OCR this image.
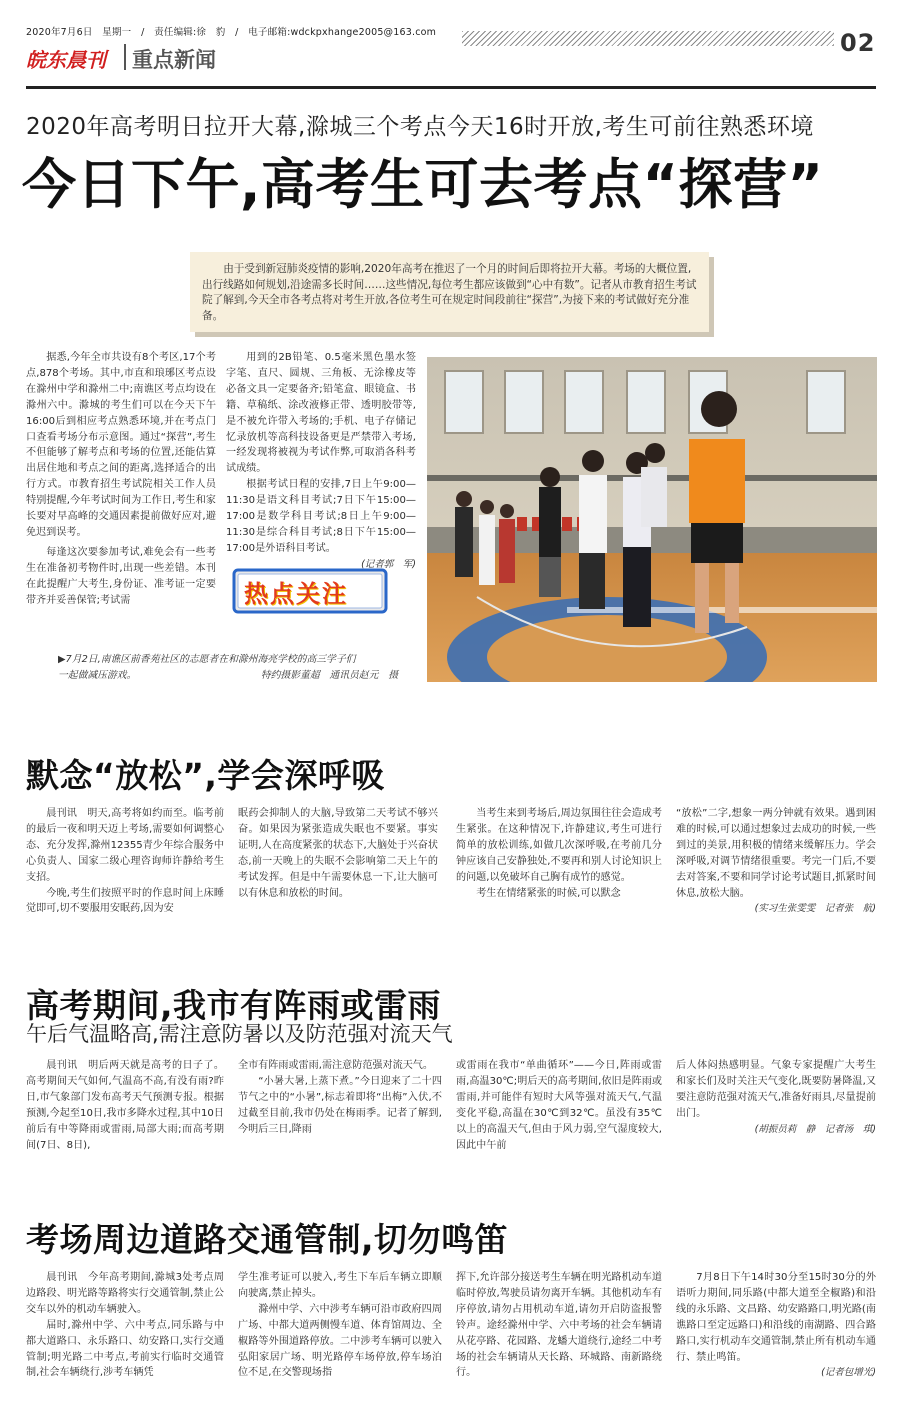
2020年7月6日　星期一　/　责任编辑:徐　豹　/　电子邮箱:wdckpxhange2005@163.com	02
皖东晨刊 重点新闻
2020年高考明日拉开大幕,滁城三个考点今天16时开放,考生可前往熟悉环境
今日下午,高考生可去考点“探营”
由于受到新冠肺炎疫情的影响,2020年高考在推迟了一个月的时间后即将拉开大幕。考场的大概位置,出行线路如何规划,沿途需多长时间……这些情况,每位考生都应该做到“心中有数”。记者从市教育招生考试院了解到,今天全市各考点将对考生开放,各位考生可在规定时间段前往“探营”,为接下来的考试做好充分准备。

据悉,今年全市共设有8个考区,17个考点,878个考场。其中,市直和琅琊区考点设在滁州中学和滁州二中;南谯区考点均设在滁州六中。滁城的考生们可以在今天下午16:00后到相应考点熟悉环境,并在考点门口查看考场分布示意图。通过“探营”,考生不但能够了解考点和考场的位置,还能估算出居住地和考点之间的距离,选择适合的出行方式。市教育招生考试院相关工作人员特别提醒,今年考试时间为工作日,考生和家长要对早高峰的交通因素提前做好应对,避免迟到误考。

每逢这次要参加考试,难免会有一些考生在准备初考物件时,出现一些差错。本刊在此提醒广大考生,身份证、准考证一定要带齐并妥善保管;考试需

用到的2B铅笔、0.5毫米黑色墨水签字笔、直尺、圆规、三角板、无涂橡皮等必备文具一定要备齐;铅笔盒、眼镜盒、书籍、草稿纸、涂改液修正带、透明胶带等,是不被允许带入考场的;手机、电子存储记忆录放机等高科技设备更是严禁带入考场,一经发现将被视为考试作弊,可取消各科考试成绩。

根据考试日程的安排,7日上午9:00—11:30是语文科目考试;7日下午15:00—17:00是数学科目考试;8日上午9:00—11:30是综合科目考试;8日下午15:00—17:00是外语科目考试。

(记者郭　军)
热点关注
▶7月2日,南谯区前香苑社区的志愿者在和滁州海亮学校的高三学子们
一起做减压游戏。	特约摄影董超　通讯员赵元　摄
默念“放松”,学会深呼吸

晨刊讯　明天,高考将如约而至。临考前的最后一夜和明天迈上考场,需要如何调整心态、充分发挥,滁州12355青少年综合服务中心负责人、国家二级心理咨询师许静给考生支招。

今晚,考生们按照平时的作息时间上床睡觉即可,切不要服用安眠药,因为安

眠药会抑制人的大脑,导致第二天考试不够兴奋。如果因为紧张造成失眠也不要紧。事实证明,人在高度紧张的状态下,大脑处于兴奋状态,前一天晚上的失眠不会影响第二天上午的考试发挥。但是中午需要休息一下,让大脑可以有休息和放松的时间。

当考生来到考场后,周边氛围往往会造成考生紧张。在这种情况下,许静建议,考生可进行简单的放松训练,如做几次深呼吸,在考前几分钟应该自己安静独处,不要再和别人讨论知识上的问题,以免破坏自己胸有成竹的感觉。

考生在情绪紧张的时候,可以默念

“放松”二字,想象一两分钟就有效果。遇到困难的时候,可以通过想象过去成功的时候,一些到过的美景,用积极的情绪来缓解压力。学会深呼吸,对调节情绪很重要。考完一门后,不要去对答案,不要和同学讨论考试题目,抓紧时间休息,放松大脑。

(实习生张雯雯　记者张　航)
高考期间,我市有阵雨或雷雨
午后气温略高,需注意防暑以及防范强对流天气

晨刊讯　明后两天就是高考的日子了。高考期间天气如何,气温高不高,有没有雨?昨日,市气象部门发布高考天气预测专报。根据预测,今起至10日,我市多降水过程,其中10日前后有中等降雨或雷雨,局部大雨;而高考期间(7日、8日),

全市有阵雨或雷雨,需注意防范强对流天气。

“小暑大暑,上蒸下煮。”今日迎来了二十四节气之中的“小暑”,标志着即将“出梅”入伏,不过截至目前,我市仍处在梅雨季。记者了解到,今明后三日,降雨

或雷雨在我市“单曲循环”——今日,阵雨或雷雨,高温30℃;明后天的高考期间,依旧是阵雨或雷雨,并可能伴有短时大风等强对流天气,气温变化平稳,高温在30℃到32℃。虽没有35℃以上的高温天气,但由于风力弱,空气湿度较大,因此中午前

后人体闷热感明显。气象专家提醒广大考生和家长们及时关注天气变化,既要防暑降温,又要注意防范强对流天气,准备好雨具,尽量提前出门。

(胡振员莉　静　记者汤　琪)
考场周边道路交通管制,切勿鸣笛

晨刊讯　今年高考期间,滁城3处考点周边路段、明光路等路将实行交通管制,禁止公交车以外的机动车辆驶入。

届时,滁州中学、六中考点,同乐路与中都大道路口、永乐路口、幼安路口,实行交通管制;明光路二中考点,考前实行临时交通管制,社会车辆绕行,涉考车辆凭

学生准考证可以驶入,考生下车后车辆立即顺向驶离,禁止掉头。

滁州中学、六中涉考车辆可沿市政府四周广场、中都大道两侧慢车道、体育馆周边、全椒路等外围道路停放。二中涉考车辆可以驶入弘阳家居广场、明光路停车场停放,停车场泊位不足,在交警现场指

挥下,允许部分接送考生车辆在明光路机动车道临时停放,驾驶员请勿离开车辆。其他机动车有序停放,请勿占用机动车道,请勿开启防盗报警铃声。途经滁州中学、六中考场的社会车辆请从花亭路、花园路、龙蟠大道绕行,途经二中考场的社会车辆请从天长路、环城路、南新路绕行。

7月8日下午14时30分至15时30分的外语听力期间,同乐路(中都大道至全椒路)和沿线的永乐路、文昌路、幼安路路口,明光路(南谯路口至定远路口)和沿线的南湖路、四合路路口,实行机动车交通管制,禁止所有机动车通行、禁止鸣笛。

(记者包增光)
